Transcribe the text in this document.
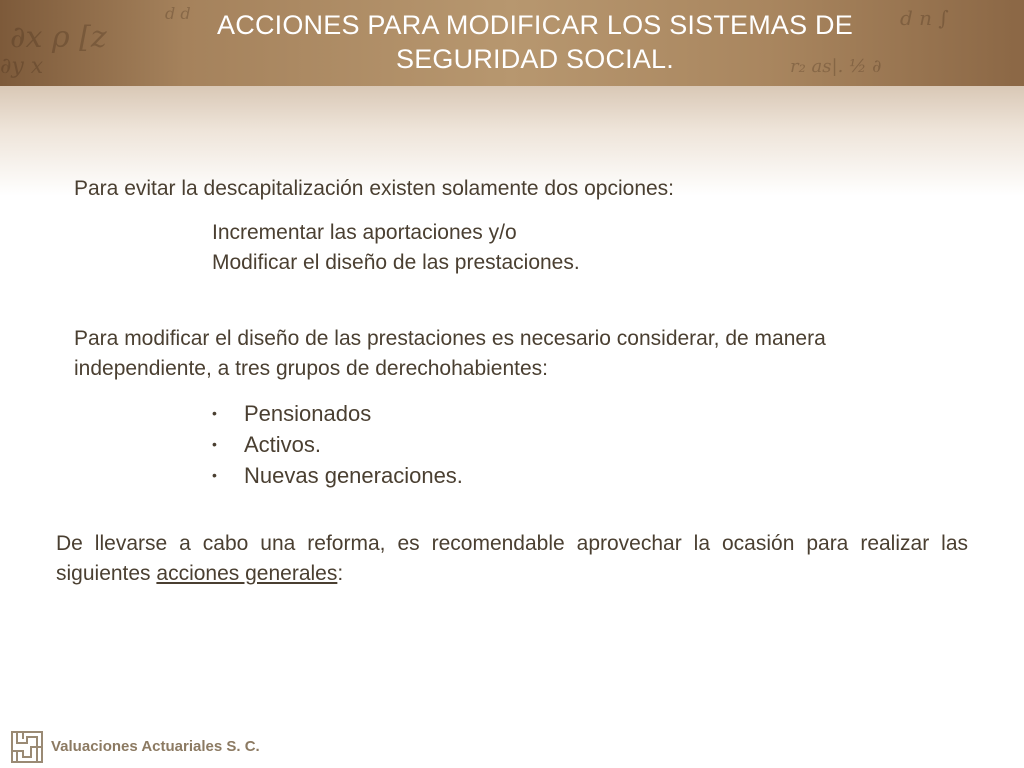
∂x ρ [z
∂y x
d n ∫
r₂ as|. ½ ∂
d d ACCIONES PARA MODIFICAR LOS SISTEMAS DE
SEGURIDAD SOCIAL.
Para evitar la descapitalización existen solamente dos opciones:
Incrementar las aportaciones y/o
Modificar el diseño de las prestaciones.
Para modificar el diseño de las prestaciones es necesario considerar, de manera independiente, a tres grupos de derechohabientes:
• Pensionados
• Activos.
• Nuevas generaciones.
De llevarse a cabo una reforma, es recomendable aprovechar la ocasión para realizar las siguientes acciones generales:
Valuaciones Actuariales S. C.
